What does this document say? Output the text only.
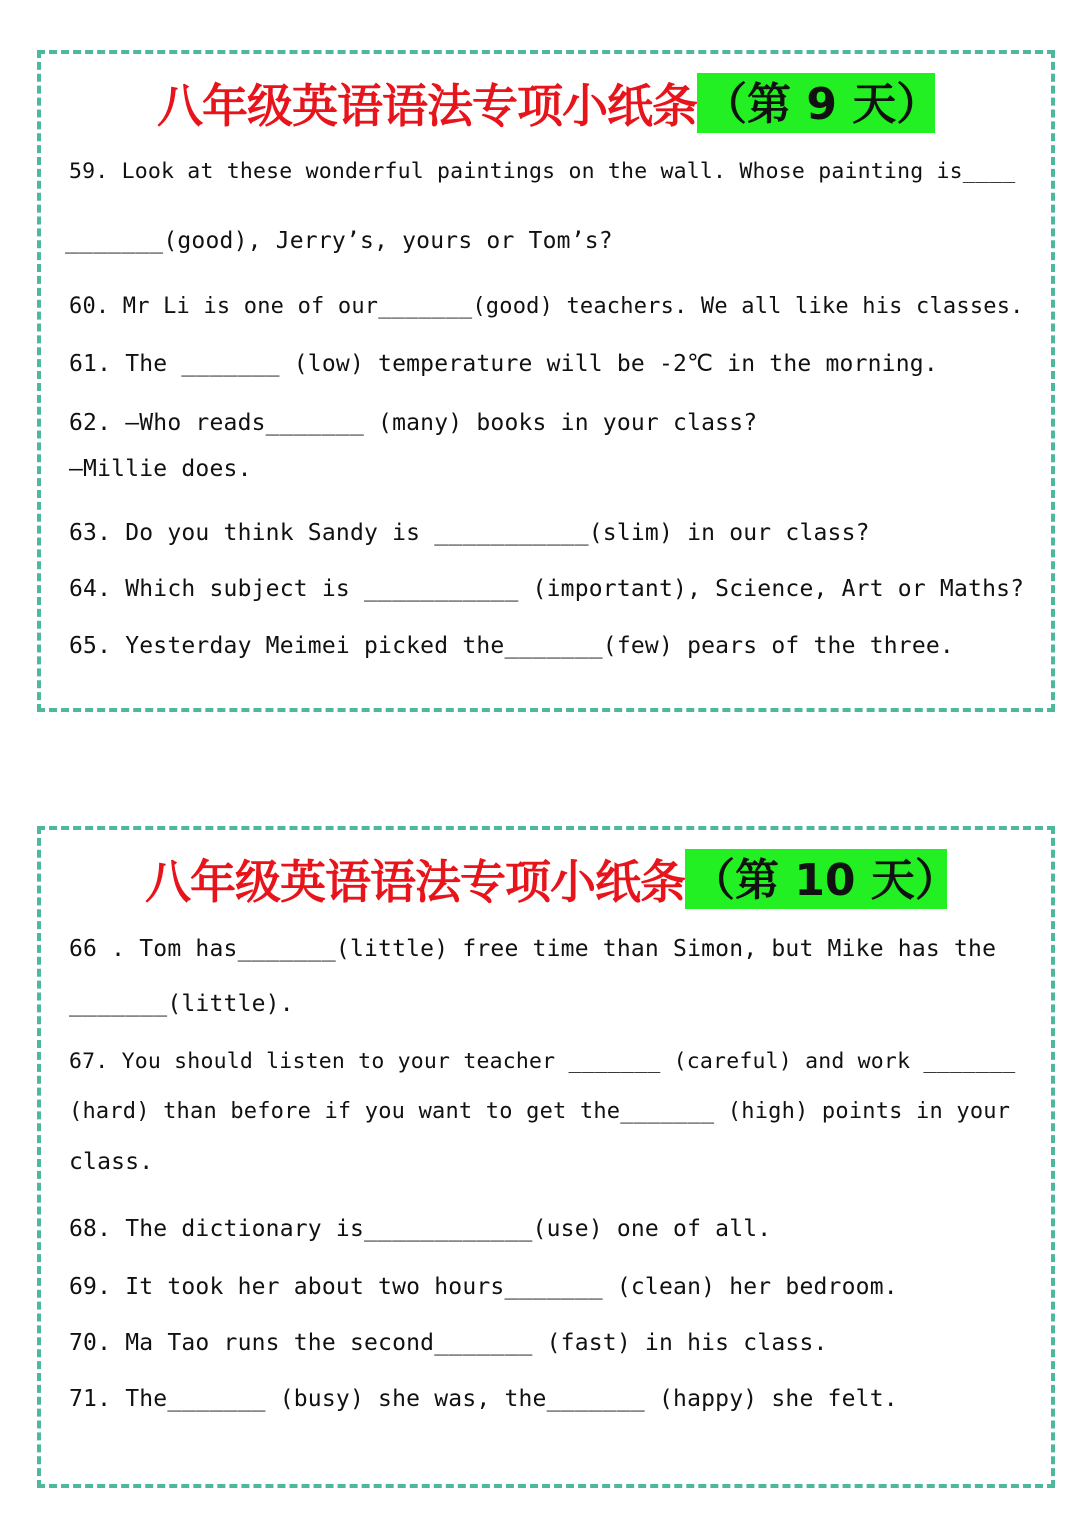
八年级英语语法专项小纸条 （第 9 天）
59. Look at these wonderful paintings on the wall. Whose painting is____
_______(good), Jerry’s, yours or Tom’s?
60. Mr Li is one of our_______(good) teachers. We all like his classes.
61. The _______ (low) temperature will be -2℃ in the morning.
62. —Who reads_______ (many) books in your class?
—Millie does.
63. Do you think Sandy is ___________(slim) in our class?
64. Which subject is ___________ (important), Science, Art or Maths?
65. Yesterday Meimei picked the_______(few) pears of the three.
八年级英语语法专项小纸条 （第 10 天）
66 . Tom has_______(little) free time than Simon, but Mike has the
_______(little).
67. You should listen to your teacher _______ (careful) and work _______
(hard) than before if you want to get the_______ (high) points in your
class.
68. The dictionary is____________(use) one of all.
69. It took her about two hours_______ (clean) her bedroom.
70. Ma Tao runs the second_______ (fast) in his class.
71. The_______ (busy) she was, the_______ (happy) she felt.
